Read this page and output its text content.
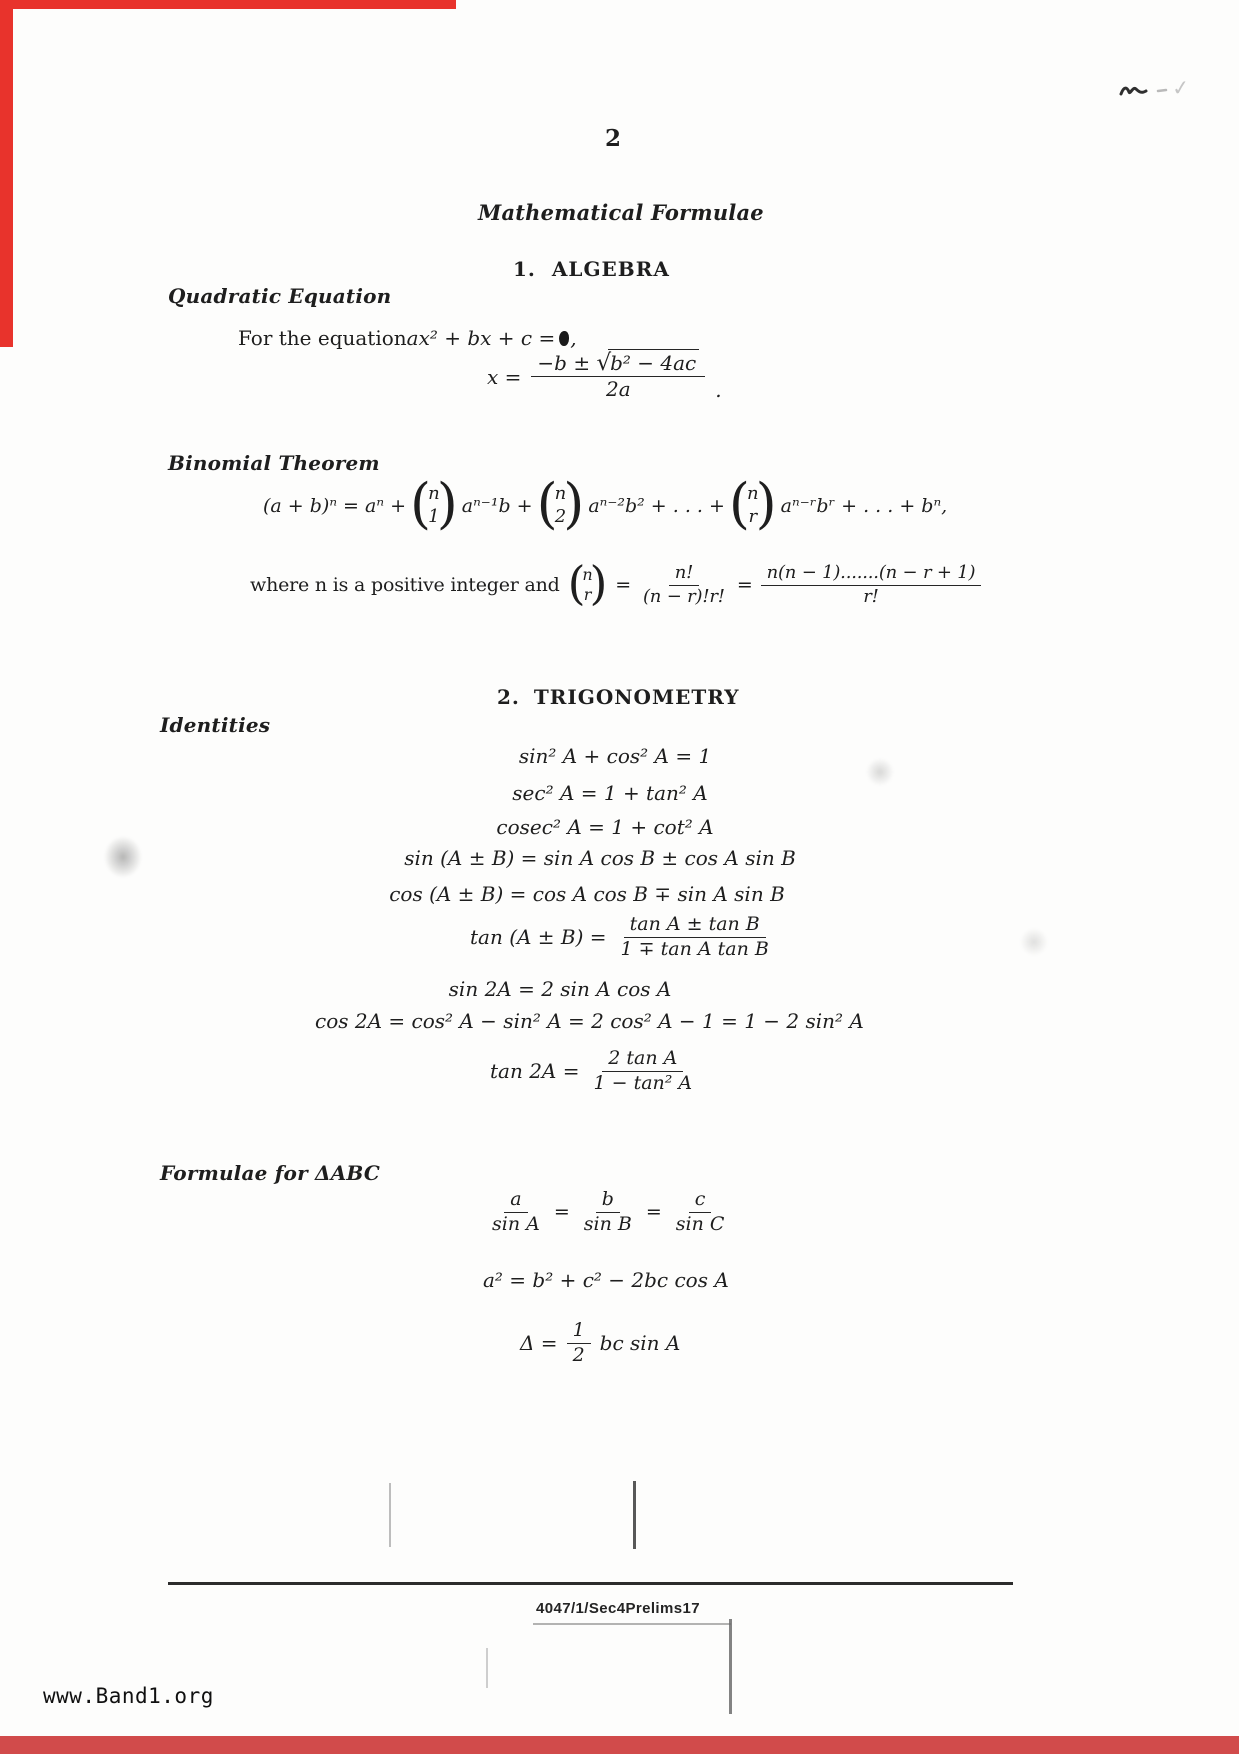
✓
2
Mathematical Formulae
1. ALGEBRA
Quadratic Equation
For the equation ax² + bx + c = ,
$x = \frac{\text{−b ± √b² − 4ac}}{2a}$ .
Binomial Theorem
(a + b)ⁿ = aⁿ + (
n
1
) aⁿ⁻¹b + (
n
2
) aⁿ⁻²b² + . . . + (
n
r
) aⁿ⁻ʳbʳ + . . . + bⁿ,
where n is a positive integer and (
n
r
) = $\frac{n!}{(n - r)!r!} = \frac{n(n - 1).......(n - r + 1)}{r!}$
2. TRIGONOMETRY
Identities
sin² A + cos² A = 1
sec² A = 1 + tan² A
cosec² A = 1 + cot² A
sin (A ± B) = sin A cos B ± cos A sin B
cos (A ± B) = cos A cos B ∓ sin A sin B
$\tan (A \pm B) = \frac{\text{tan A ± tan B}}{\text{1 ∓ tan A tan B}}$
sin 2A = 2 sin A cos A
cos 2A = cos² A − sin² A = 2 cos² A − 1 = 1 − 2 sin² A
$\tan 2A = \frac{\text{2 tan A}}{\text{1 − tan² A}}$
Formulae for ΔABC
$\frac{a}{\text{sin A}} = \frac{b}{\text{sin B}} = \frac{c}{\text{sin C}}$
a² = b² + c² − 2bc cos A
$\Delta = \frac{1}{2}$ bc sin A
4047/1/Sec4Prelims17
www.Band1.org
